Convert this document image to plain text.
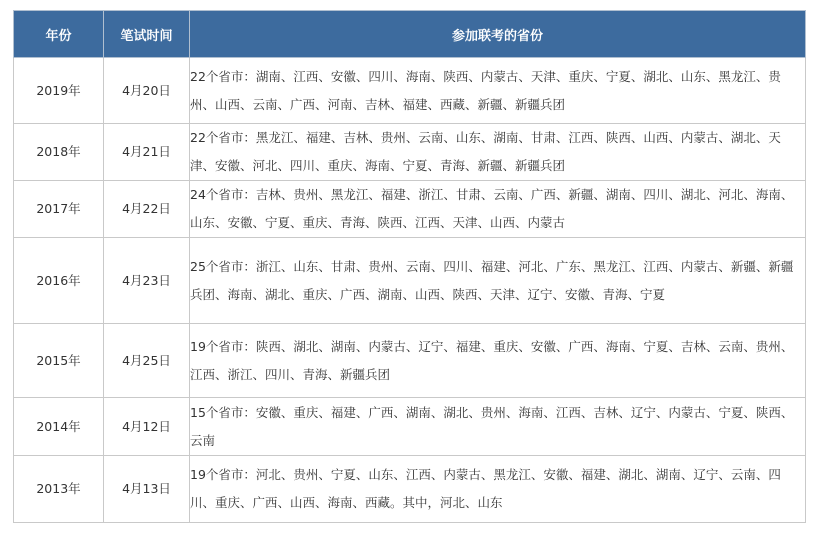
年份	笔试时间	参加联考的省份
2019年	4月20日	22个省市：湖南、江西、安徽、四川、海南、陕西、内蒙古、天津、重庆、宁夏、湖北、山东、黑龙江、贵州、山西、云南、广西、河南、吉林、福建、西藏、新疆、新疆兵团
2018年	4月21日	22个省市：黑龙江、福建、吉林、贵州、云南、山东、湖南、甘肃、江西、陕西、山西、内蒙古、湖北、天津、安徽、河北、四川、重庆、海南、宁夏、青海、新疆、新疆兵团
2017年	4月22日	24个省市：吉林、贵州、黑龙江、福建、浙江、甘肃、云南、广西、新疆、湖南、四川、湖北、河北、海南、山东、安徽、宁夏、重庆、青海、陕西、江西、天津、山西、内蒙古
2016年	4月23日	25个省市：浙江、山东、甘肃、贵州、云南、四川、福建、河北、广东、黑龙江、江西、内蒙古、新疆、新疆兵团、海南、湖北、重庆、广西、湖南、山西、陕西、天津、辽宁、安徽、青海、宁夏
2015年	4月25日	19个省市：陕西、湖北、湖南、内蒙古、辽宁、福建、重庆、安徽、广西、海南、宁夏、吉林、云南、贵州、江西、浙江、四川、青海、新疆兵团
2014年	4月12日	15个省市：安徽、重庆、福建、广西、湖南、湖北、贵州、海南、江西、吉林、辽宁、内蒙古、宁夏、陕西、云南
2013年	4月13日	19个省市：河北、贵州、宁夏、山东、江西、内蒙古、黑龙江、安徽、福建、湖北、湖南、辽宁、云南、四川、重庆、广西、山西、海南、西藏。其中，河北、山东
